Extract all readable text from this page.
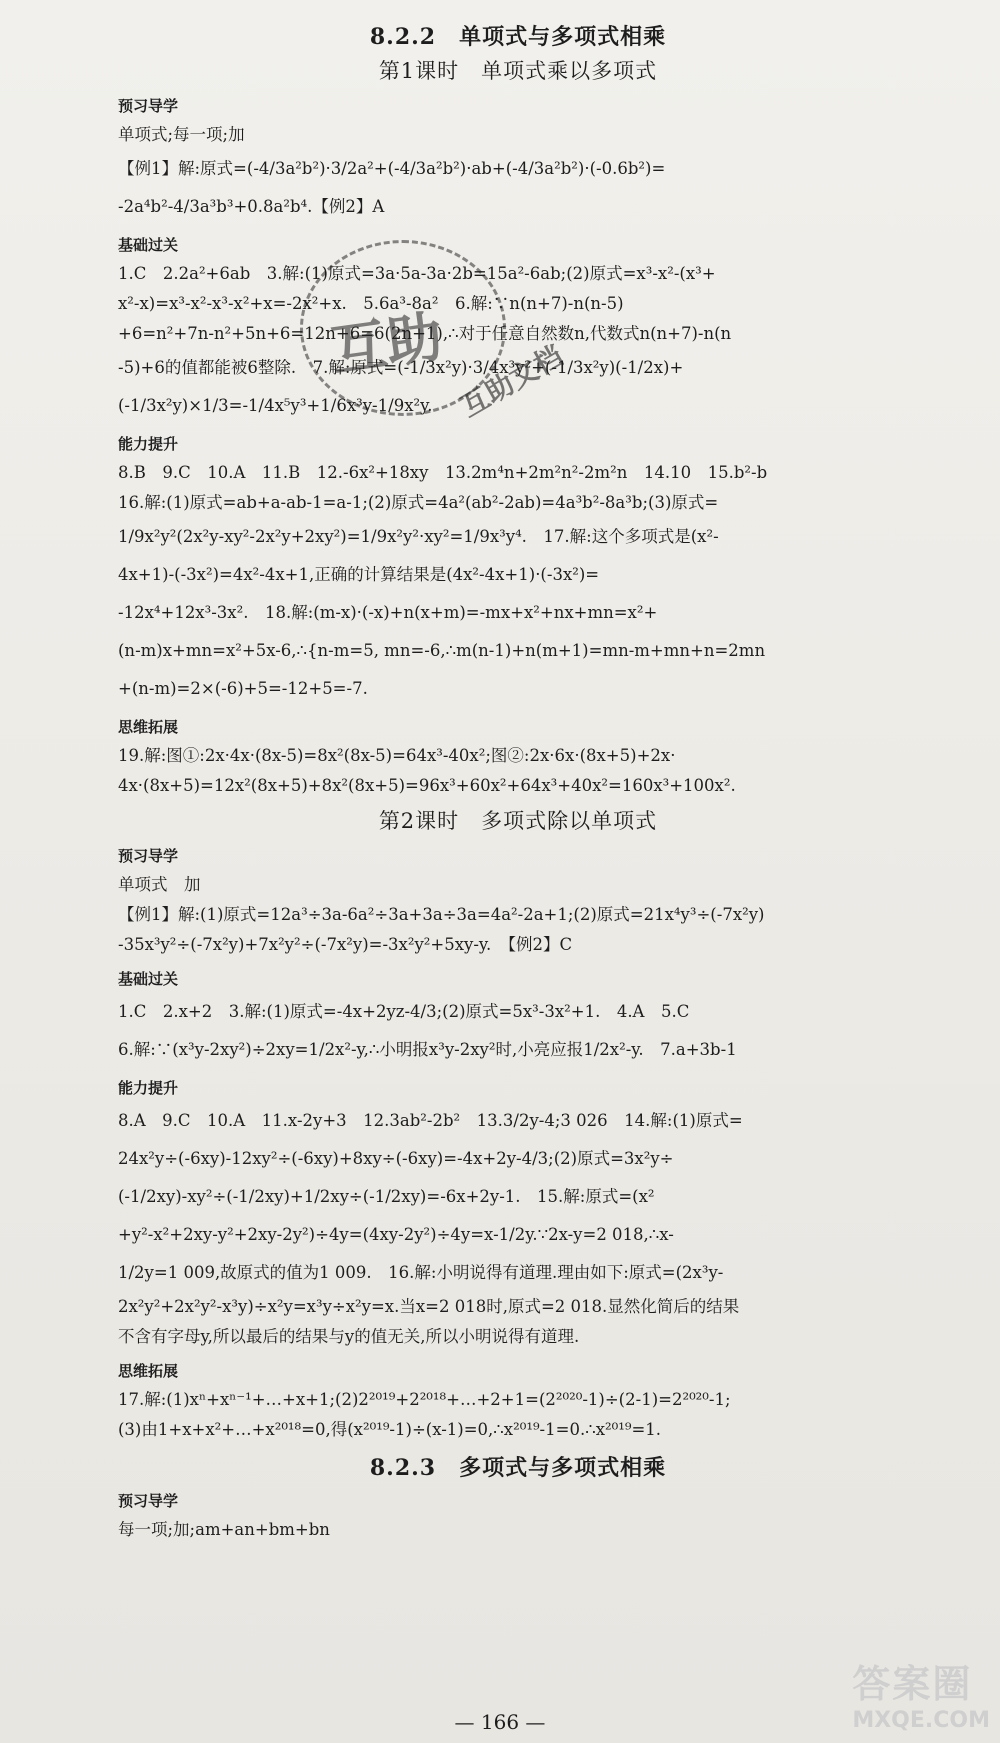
互助 互助文档
8.2.2　单项式与多项式相乘
第1课时　单项式乘以多项式
预习导学
单项式;每一项;加
【例1】解:原式=(-4/3a²b²)·3/2a²+(-4/3a²b²)·ab+(-4/3a²b²)·(-0.6b²)=
-2a⁴b²-4/3a³b³+0.8a²b⁴.【例2】A
基础过关
1.C　2.2a²+6ab　3.解:(1)原式=3a·5a-3a·2b=15a²-6ab;(2)原式=x³-x²-(x³+
x²-x)=x³-x²-x³-x²+x=-2x²+x.　5.6a³-8a²　6.解:∵n(n+7)-n(n-5)
+6=n²+7n-n²+5n+6=12n+6=6(2n+1),∴对于任意自然数n,代数式n(n+7)-n(n
-5)+6的值都能被6整除.　7.解:原式=(-1/3x²y)·3/4x³y²+(-1/3x²y)(-1/2x)+
(-1/3x²y)×1/3=-1/4x⁵y³+1/6x³y-1/9x²y.
能力提升
8.B　9.C　10.A　11.B　12.-6x²+18xy　13.2m⁴n+2m²n²-2m²n　14.10　15.b²-b
16.解:(1)原式=ab+a-ab-1=a-1;(2)原式=4a²(ab²-2ab)=4a³b²-8a³b;(3)原式=
1/9x²y²(2x²y-xy²-2x²y+2xy²)=1/9x²y²·xy²=1/9x³y⁴.　17.解:这个多项式是(x²-
4x+1)-(-3x²)=4x²-4x+1,正确的计算结果是(4x²-4x+1)·(-3x²)=
-12x⁴+12x³-3x².　18.解:(m-x)·(-x)+n(x+m)=-mx+x²+nx+mn=x²+
(n-m)x+mn=x²+5x-6,∴{n-m=5, mn=-6,∴m(n-1)+n(m+1)=mn-m+mn+n=2mn
+(n-m)=2×(-6)+5=-12+5=-7.
思维拓展
19.解:图①:2x·4x·(8x-5)=8x²(8x-5)=64x³-40x²;图②:2x·6x·(8x+5)+2x·
4x·(8x+5)=12x²(8x+5)+8x²(8x+5)=96x³+60x²+64x³+40x²=160x³+100x².
第2课时　多项式除以单项式
预习导学
单项式　加
【例1】解:(1)原式=12a³÷3a-6a²÷3a+3a÷3a=4a²-2a+1;(2)原式=21x⁴y³÷(-7x²y)
-35x³y²÷(-7x²y)+7x²y²÷(-7x²y)=-3x²y²+5xy-y.　【例2】C
基础过关
1.C　2.x+2　3.解:(1)原式=-4x+2yz-4/3;(2)原式=5x³-3x²+1.　4.A　5.C
6.解:∵(x³y-2xy²)÷2xy=1/2x²-y,∴小明报x³y-2xy²时,小亮应报1/2x²-y.　7.a+3b-1
能力提升
8.A　9.C　10.A　11.x-2y+3　12.3ab²-2b²　13.3/2y-4;3 026　14.解:(1)原式=
24x²y÷(-6xy)-12xy²÷(-6xy)+8xy÷(-6xy)=-4x+2y-4/3;(2)原式=3x²y÷
(-1/2xy)-xy²÷(-1/2xy)+1/2xy÷(-1/2xy)=-6x+2y-1.　15.解:原式=(x²
+y²-x²+2xy-y²+2xy-2y²)÷4y=(4xy-2y²)÷4y=x-1/2y.∵2x-y=2 018,∴x-
1/2y=1 009,故原式的值为1 009.　16.解:小明说得有道理.理由如下:原式=(2x³y-
2x²y²+2x²y²-x³y)÷x²y=x³y÷x²y=x.当x=2 018时,原式=2 018.显然化简后的结果
不含有字母y,所以最后的结果与y的值无关,所以小明说得有道理.
思维拓展
17.解:(1)xⁿ+xⁿ⁻¹+…+x+1;(2)2²⁰¹⁹+2²⁰¹⁸+…+2+1=(2²⁰²⁰-1)÷(2-1)=2²⁰²⁰-1;
(3)由1+x+x²+…+x²⁰¹⁸=0,得(x²⁰¹⁹-1)÷(x-1)=0,∴x²⁰¹⁹-1=0.∴x²⁰¹⁹=1.
8.2.3　多项式与多项式相乘
预习导学
每一项;加;am+an+bm+bn
— 166 —
答案圈
MXQE.COM
